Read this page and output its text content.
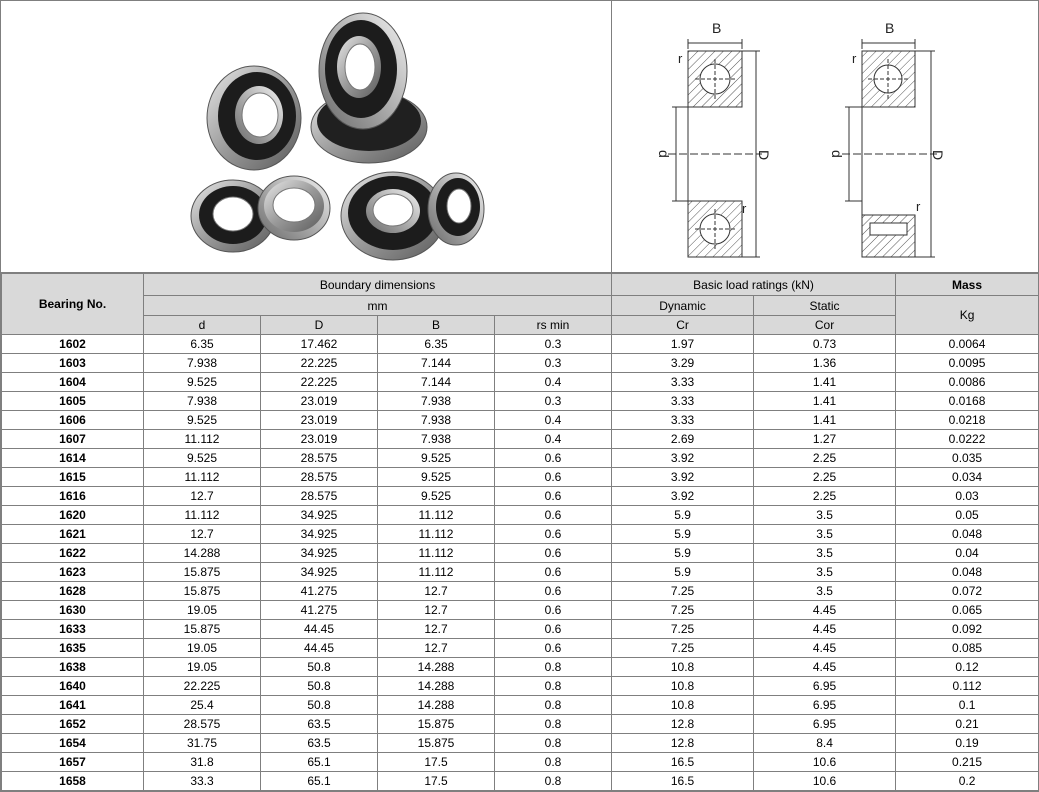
B
r
r
d	D
B
r
r
d	D
Bearing No.	Boundary dimensions				Basic load ratings (kN)		Mass
	mm				Dynamic	Static	Kg
	d	D	B	rs min	Cr	Cor	
1602	6.35	17.462	6.35	0.3	1.97	0.73	0.0064
1603	7.938	22.225	7.144	0.3	3.29	1.36	0.0095
1604	9.525	22.225	7.144	0.4	3.33	1.41	0.0086
1605	7.938	23.019	7.938	0.3	3.33	1.41	0.0168
1606	9.525	23.019	7.938	0.4	3.33	1.41	0.0218
1607	11.112	23.019	7.938	0.4	2.69	1.27	0.0222
1614	9.525	28.575	9.525	0.6	3.92	2.25	0.035
1615	11.112	28.575	9.525	0.6	3.92	2.25	0.034
1616	12.7	28.575	9.525	0.6	3.92	2.25	0.03
1620	11.112	34.925	11.112	0.6	5.9	3.5	0.05
1621	12.7	34.925	11.112	0.6	5.9	3.5	0.048
1622	14.288	34.925	11.112	0.6	5.9	3.5	0.04
1623	15.875	34.925	11.112	0.6	5.9	3.5	0.048
1628	15.875	41.275	12.7	0.6	7.25	3.5	0.072
1630	19.05	41.275	12.7	0.6	7.25	4.45	0.065
1633	15.875	44.45	12.7	0.6	7.25	4.45	0.092
1635	19.05	44.45	12.7	0.6	7.25	4.45	0.085
1638	19.05	50.8	14.288	0.8	10.8	4.45	0.12
1640	22.225	50.8	14.288	0.8	10.8	6.95	0.112
1641	25.4	50.8	14.288	0.8	10.8	6.95	0.1
1652	28.575	63.5	15.875	0.8	12.8	6.95	0.21
1654	31.75	63.5	15.875	0.8	12.8	8.4	0.19
1657	31.8	65.1	17.5	0.8	16.5	10.6	0.215
1658	33.3	65.1	17.5	0.8	16.5	10.6	0.2
